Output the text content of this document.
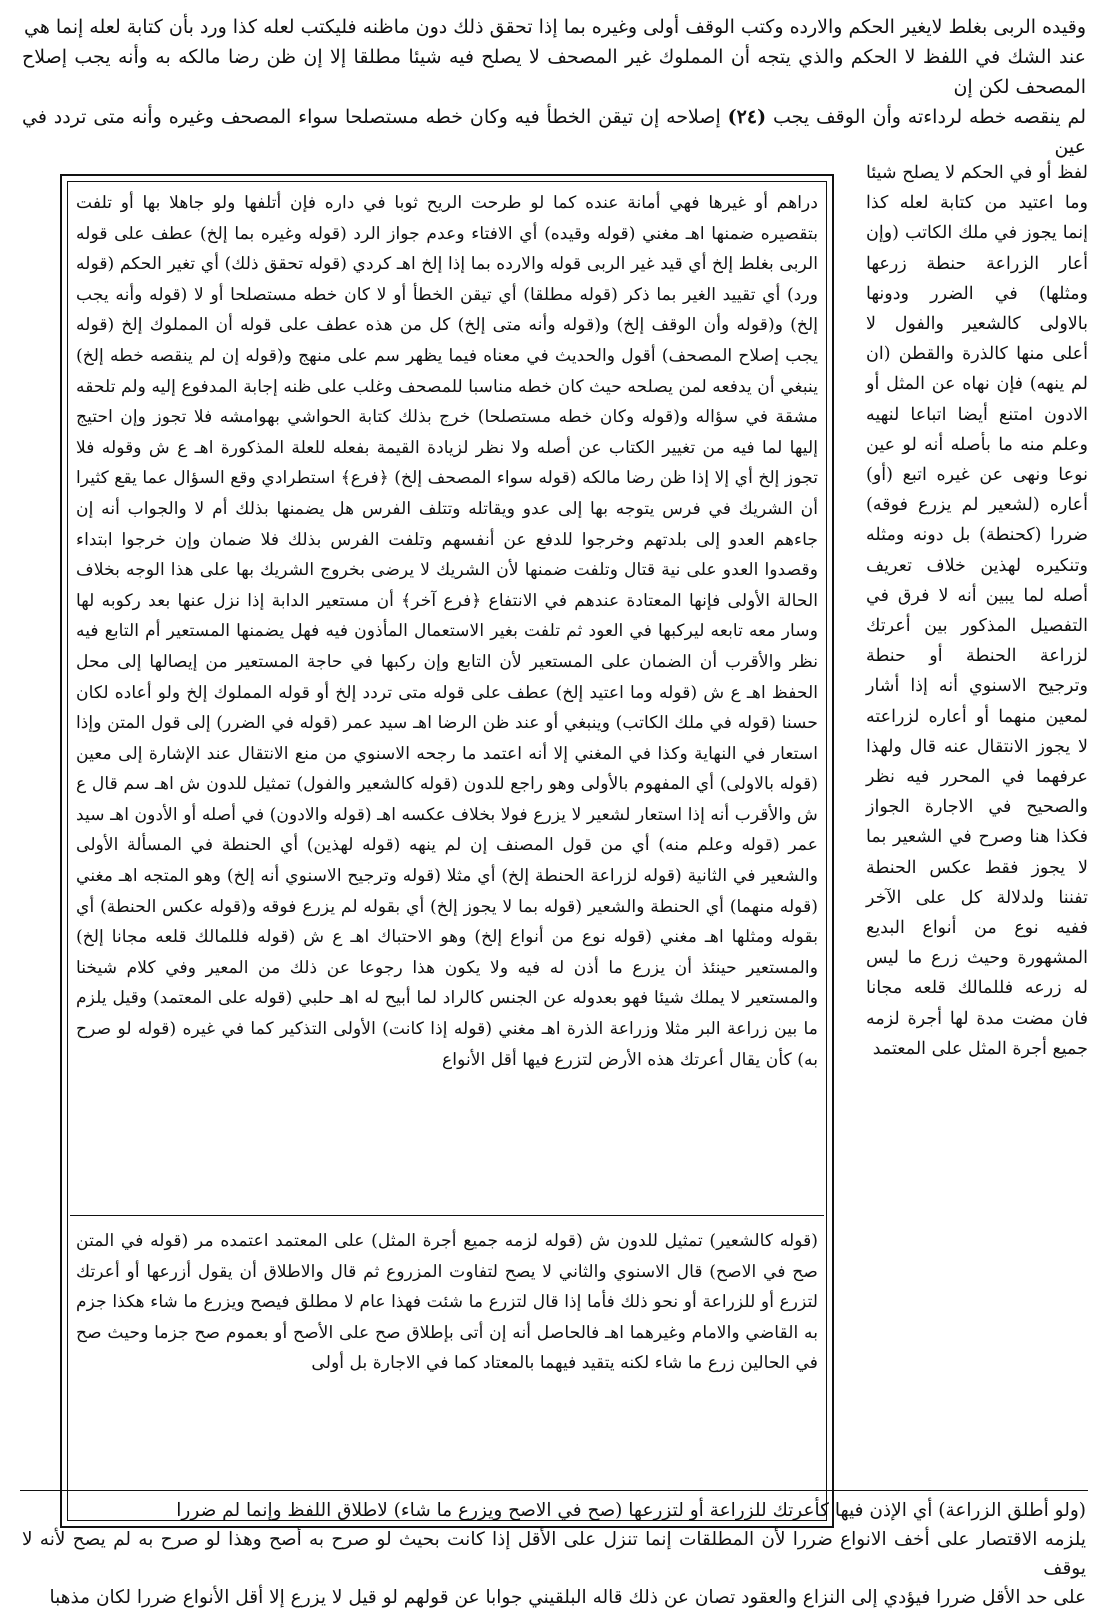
وقيده الربى بغلط لايغير الحكم والارده وكتب الوقف أولى وغيره بما إذا تحقق ذلك دون ماظنه فليكتب لعله كذا ورد بأن كتابة لعله إنما هي

عند الشك في اللفظ لا الحكم والذي يتجه أن المملوك غير المصحف لا يصلح فيه شيئا مطلقا إلا إن ظن رضا مالكه به وأنه يجب إصلاح المصحف لكن إن

لم ينقصه خطه لرداءته وأن الوقف يجب (٢٤) إصلاحه إن تيقن الخطأ فيه وكان خطه مستصلحا سواء المصحف وغيره وأنه متى تردد في عين

لفظ أو في الحكم لا يصلح شيئا وما اعتيد من كتابة لعله كذا إنما يجوز في ملك الكاتب (وإن أعار الزراعة حنطة زرعها ومثلها) في الضرر ودونها بالاولى كالشعير والفول لا أعلى منها كالذرة والقطن (ان لم ينهه) فإن نهاه عن المثل أو الادون امتنع أيضا اتباعا لنهيه وعلم منه ما بأصله أنه لو عين نوعا ونهى عن غيره اتبع (أو) أعاره (لشعير لم يزرع فوقه) ضررا (كحنطة) بل دونه ومثله وتنكيره لهذين خلاف تعريف أصله لما يبين أنه لا فرق في التفصيل المذكور بين أعرتك لزراعة الحنطة أو حنطة وترجيح الاسنوي أنه إذا أشار لمعين منهما أو أعاره لزراعته لا يجوز الانتقال عنه قال ولهذا عرفهما في المحرر فيه نظر والصحيح في الاجارة الجواز فكذا هنا وصرح في الشعير بما لا يجوز فقط عكس الحنطة تفننا ولدلالة كل على الآخر ففيه نوع من أنواع البديع المشهورة وحيث زرع ما ليس له زرعه فللمالك قلعه مجانا فان مضت مدة لها أجرة لزمه جميع أجرة المثل على المعتمد

دراهم أو غيرها فهي أمانة عنده كما لو طرحت الريح ثوبا في داره فإن أتلفها ولو جاهلا بها أو تلفت بتقصيره ضمنها اهـ مغني (قوله وقيده) أي الافتاء وعدم جواز الرد (قوله وغيره بما إلخ) عطف على قوله الربى بغلط إلخ أي قيد غير الربى قوله والارده بما إذا إلخ اهـ كردي (قوله تحقق ذلك) أي تغير الحكم (قوله ورد) أي تقييد الغير بما ذكر (قوله مطلقا) أي تيقن الخطأ أو لا كان خطه مستصلحا أو لا (قوله وأنه يجب إلخ) و(قوله وأن الوقف إلخ) و(قوله وأنه متى إلخ) كل من هذه عطف على قوله أن المملوك إلخ (قوله يجب إصلاح المصحف) أقول والحديث في معناه فيما يظهر سم على منهج و(قوله إن لم ينقصه خطه إلخ) ينبغي أن يدفعه لمن يصلحه حيث كان خطه مناسبا للمصحف وغلب على ظنه إجابة المدفوع إليه ولم تلحقه مشقة في سؤاله و(قوله وكان خطه مستصلحا) خرج بذلك كتابة الحواشي بهوامشه فلا تجوز وإن احتيج إليها لما فيه من تغيير الكتاب عن أصله ولا نظر لزيادة القيمة بفعله للعلة المذكورة اهـ ع ش وقوله فلا تجوز إلخ أي إلا إذا ظن رضا مالكه (قوله سواء المصحف إلخ) ﴿فرع﴾ استطرادي وقع السؤال عما يقع كثيرا أن الشريك في فرس يتوجه بها إلى عدو ويقاتله وتتلف الفرس هل يضمنها بذلك أم لا والجواب أنه إن جاءهم العدو إلى بلدتهم وخرجوا للدفع عن أنفسهم وتلفت الفرس بذلك فلا ضمان وإن خرجوا ابتداء وقصدوا العدو على نية قتال وتلفت ضمنها لأن الشريك لا يرضى بخروج الشريك بها على هذا الوجه بخلاف الحالة الأولى فإنها المعتادة عندهم في الانتفاع ﴿فرع آخر﴾ أن مستعير الدابة إذا نزل عنها بعد ركوبه لها وسار معه تابعه ليركبها في العود ثم تلفت بغير الاستعمال المأذون فيه فهل يضمنها المستعير أم التابع فيه نظر والأقرب أن الضمان على المستعير لأن التابع وإن ركبها في حاجة المستعير من إيصالها إلى محل الحفظ اهـ ع ش (قوله وما اعتيد إلخ) عطف على قوله متى تردد إلخ أو قوله المملوك إلخ ولو أعاده لكان حسنا (قوله في ملك الكاتب) وينبغي أو عند ظن الرضا اهـ سيد عمر (قوله في الضرر) إلى قول المتن وإذا استعار في النهاية وكذا في المغني إلا أنه اعتمد ما رجحه الاسنوي من منع الانتقال عند الإشارة إلى معين (قوله بالاولى) أي المفهوم بالأولى وهو راجع للدون (قوله كالشعير والفول) تمثيل للدون ش اهـ سم قال ع ش والأقرب أنه إذا استعار لشعير لا يزرع فولا بخلاف عكسه اهـ (قوله والادون) في أصله أو الأدون اهـ سيد عمر (قوله وعلم منه) أي من قول المصنف إن لم ينهه (قوله لهذين) أي الحنطة في المسألة الأولى والشعير في الثانية (قوله لزراعة الحنطة إلخ) أي مثلا (قوله وترجيح الاسنوي أنه إلخ) وهو المتجه اهـ مغني (قوله منهما) أي الحنطة والشعير (قوله بما لا يجوز إلخ) أي بقوله لم يزرع فوقه و(قوله عكس الحنطة) أي بقوله ومثلها اهـ مغني (قوله نوع من أنواع إلخ) وهو الاحتباك اهـ ع ش (قوله فللمالك قلعه مجانا إلخ) والمستعير حينئذ أن يزرع ما أذن له فيه ولا يكون هذا رجوعا عن ذلك من المعير وفي كلام شيخنا والمستعير لا يملك شيئا فهو بعدوله عن الجنس كالراد لما أبيح له اهـ حلبي (قوله على المعتمد) وقيل يلزم ما بين زراعة البر مثلا وزراعة الذرة اهـ مغني (قوله إذا كانت) الأولى التذكير كما في غيره (قوله لو صرح به) كأن يقال أعرتك هذه الأرض لتزرع فيها أقل الأنواع

(قوله كالشعير) تمثيل للدون ش (قوله لزمه جميع أجرة المثل) على المعتمد اعتمده مر (قوله في المتن صح في الاصح) قال الاسنوي والثاني لا يصح لتفاوت المزروع ثم قال والاطلاق أن يقول أزرعها أو أعرتك لتزرع أو للزراعة أو نحو ذلك فأما إذا قال لتزرع ما شئت فهذا عام لا مطلق فيصح ويزرع ما شاء هكذا جزم به القاضي والامام وغيرهما اهـ فالحاصل أنه إن أتى بإطلاق صح على الأصح أو بعموم صح جزما وحيث صح في الحالين زرع ما شاء لكنه يتقيد فيهما بالمعتاد كما في الاجارة بل أولى

(ولو أطلق الزراعة) أي الإذن فيها كأعرتك للزراعة أو لتزرعها (صح في الاصح ويزرع ما شاء) لاطلاق اللفظ وإنما لم ضررا

يلزمه الاقتصار على أخف الانواع ضررا لأن المطلقات إنما تنزل على الأقل إذا كانت بحيث لو صرح به أصح وهذا لو صرح به لم يصح لأنه لا يوقف

على حد الأقل ضررا فيؤدي إلى النزاع والعقود تصان عن ذلك قاله البلقيني جوابا عن قولهم لو قيل لا يزرع إلا أقل الأنواع ضررا لكان مذهبا
